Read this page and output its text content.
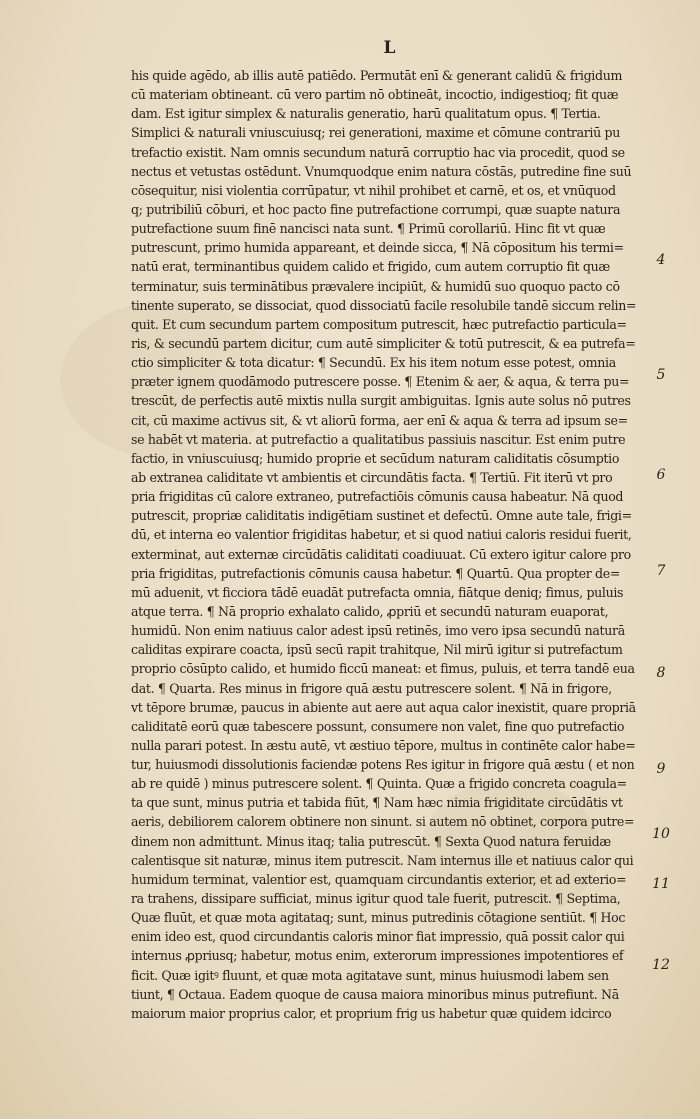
L
his quide agēdo, ab illis autē patiēdo. Permutāt enī & generant calidū & frigidum
cū materiam obtineant. cū vero partim nō obtineāt, incoctio, indigestioq; fit quæ
dam. Est igitur simplex & naturalis generatio, harū qualitatum opus. ¶ Tertia.
Simplici & naturali vniuscuiusq; rei generationi, maxime et cōmune contrariū pu
trefactio existit. Nam omnis secundum naturā corruptio hac via procedit, quod se
nectus et vetustas ostēdunt. Vnumquodque enim natura cōstās, putredine fine suū
cōsequitur, nisi violentia corrūpatur, vt nihil prohibet et carnē, et os, et vnūquod
q; putribiliū cōburi, et hoc pacto fine putrefactione corrumpi, quæ suapte natura
putrefactione suum finē nancisci nata sunt. ¶ Primū corollariū. Hinc fit vt quæ
putrescunt, primo humida appareant, et deinde sicca, ¶ Nā cōpositum his termi=
natū erat, terminantibus quidem calido et frigido, cum autem corruptio fit quæ
terminatur, suis terminātibus prævalere incipiūt, & humidū suo quoquo pacto cō
tinente superato, se dissociat, quod dissociatū facile resolubile tandē siccum relin=
quit. Et cum secundum partem compositum putrescit, hæc putrefactio particula=
ris, & secundū partem dicitur, cum autē simpliciter & totū putrescit, & ea putrefa=
ctio simpliciter & tota dicatur: ¶ Secundū. Ex his item notum esse potest, omnia
præter ignem quodāmodo putrescere posse. ¶ Etenim & aer, & aqua, & terra pu=
trescūt, de perfectis autē mixtis nulla surgit ambiguitas. Ignis aute solus nō putres
cit, cū maxime activus sit, & vt aliorū forma, aer enī & aqua & terra ad ipsum se=
se habēt vt materia. at putrefactio a qualitatibus passiuis nascitur. Est enim putre
factio, in vniuscuiusq; humido proprie et secūdum naturam caliditatis cōsumptio
ab extranea caliditate vt ambientis et circundātis facta. ¶ Tertiū. Fit iterū vt pro
pria frigiditas cū calore extraneo, putrefactiōis cōmunis causa habeatur. Nā quod
putrescit, propriæ caliditatis indigētiam sustinet et defectū. Omne aute tale, frigi=
dū, et interna eo valentior frigiditas habetur, et si quod natiui caloris residui fuerit,
exterminat, aut externæ circūdātis caliditati coadiuuat. Cū extero igitur calore pro
pria frigiditas, putrefactionis cōmunis causa habetur. ¶ Quartū. Qua propter de=
mū aduenit, vt ficciora tādē euadāt putrefacta omnia, fiātque deniq; fimus, puluis
atque terra. ¶ Nā proprio exhalato calido, ꝓpriū et secundū naturam euaporat,
humidū. Non enim natiuus calor adest ipsū retinēs, imo vero ipsa secundū naturā
caliditas expirare coacta, ipsū secū rapit trahitque, Nil mirū igitur si putrefactum
proprio cōsūpto calido, et humido ficcū maneat: et fimus, puluis, et terra tandē eua
dat. ¶ Quarta. Res minus in frigore quā æstu putrescere solent. ¶ Nā in frigore,
vt tēpore brumæ, paucus in abiente aut aere aut aqua calor inexistit, quare propriā
caliditatē eorū quæ tabescere possunt, consumere non valet, fine quo putrefactio
nulla parari potest. In æstu autē, vt æstiuo tēpore, multus in continēte calor habe=
tur, huiusmodi dissolutionis faciendæ potens Res igitur in frigore quā æstu ( et non
ab re quidē ) minus putrescere solent. ¶ Quinta. Quæ a frigido concreta coagula=
ta que sunt, minus putria et tabida fiūt, ¶ Nam hæc nimia frigiditate circūdātis vt
aeris, debiliorem calorem obtinere non sinunt. si autem nō obtinet, corpora putre=
dinem non admittunt. Minus itaq; talia putrescūt. ¶ Sexta Quod natura feruidæ
calentisque sit naturæ, minus item putrescit. Nam internus ille et natiuus calor qui
humidum terminat, valentior est, quamquam circundantis exterior, et ad exterio=
ra trahens, dissipare sufficiat, minus igitur quod tale fuerit, putrescit. ¶ Septima,
Quæ fluūt, et quæ mota agitataq; sunt, minus putredinis cōtagione sentiūt. ¶ Hoc
enim ideo est, quod circundantis caloris minor fiat impressio, quā possit calor qui
internus ꝓpriusq; habetur, motus enim, exterorum impressiones impotentiores ef
ficit. Quæ igitꝰ fluunt, et quæ mota agitatave sunt, minus huiusmodi labem sen
tiunt, ¶ Octaua. Eadem quoque de causa maiora minoribus minus putrefiunt. Nā
maiorum maior proprius calor, et proprium frig us habetur quæ quidem idcirco
4
5
6
7
8
9
10
11
12
